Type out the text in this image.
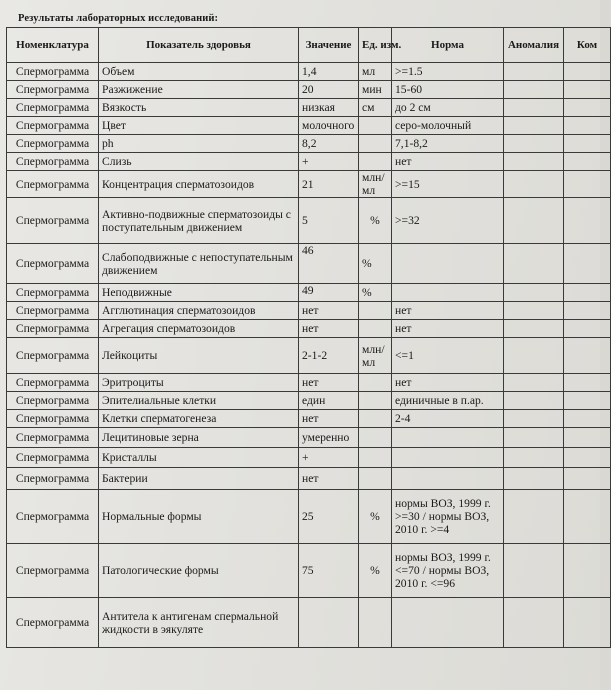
Результаты лабораторных исследований:
Номенклатура	Показатель здоровья	Значение	Ед. изм.	Норма	Аномалия	Ком
Спермограмма	Объем	1,4	мл	>=1.5		
Спермограмма	Разжижение	20	мин	15-60		
Спермограмма	Вязкость	низкая	см	до 2 см		
Спермограмма	Цвет	молочного		серо-молочный		
Спермограмма	ph	8,2		7,1-8,2		
Спермограмма	Слизь	+		нет		
Спермограмма	Концентрация сперматозоидов	21	млн/мл	>=15		
Спермограмма	Активно-подвижные сперматозоиды с поступательным движением	5	%	>=32		
Спермограмма	Слабоподвижные с непоступательным движением	46	%			
Спермограмма	Неподвижные	49	%			
Спермограмма	Агглютинация сперматозоидов	нет		нет		
Спермограмма	Агрегация сперматозоидов	нет		нет		
Спермограмма	Лейкоциты	2-1-2	млн/мл	<=1		
Спермограмма	Эритроциты	нет		нет		
Спермограмма	Эпителиальные клетки	един		единичные в п.ар.		
Спермограмма	Клетки сперматогенеза	нет		2-4		
Спермограмма	Лецитиновые зерна	умеренно				
Спермограмма	Кристаллы	+				
Спермограмма	Бактерии	нет				
Спермограмма	Нормальные формы	25	%	нормы ВОЗ, 1999 г. >=30 / нормы ВОЗ, 2010 г. >=4		
Спермограмма	Патологические формы	75	%	нормы ВОЗ, 1999 г. <=70 / нормы ВОЗ, 2010 г. <=96		
Спермограмма	Антитела к антигенам спермальной жидкости в эякуляте					
